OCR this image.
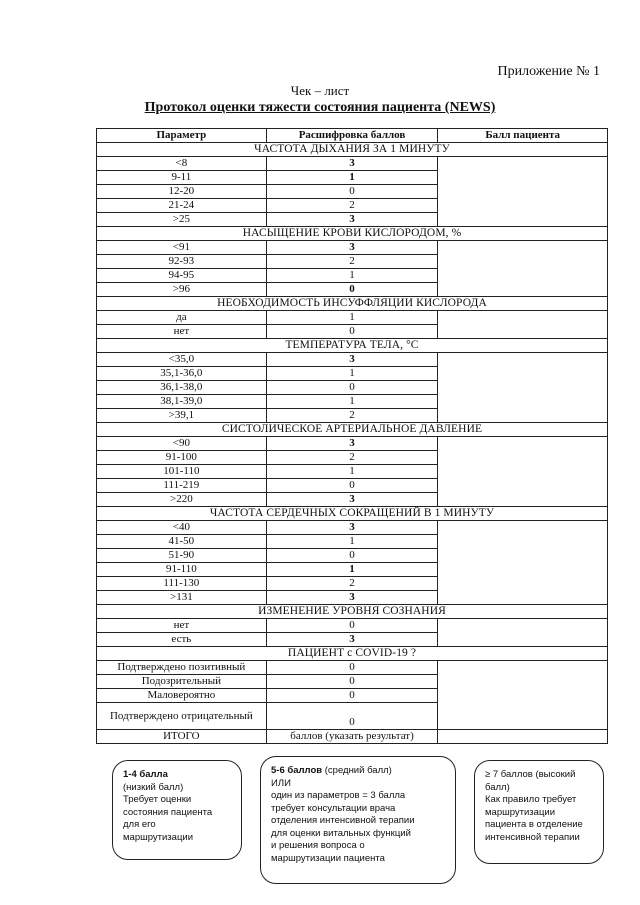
Приложение № 1
Чек – лист
Протокол оценки тяжести состояния пациента (NEWS)
Параметр	Расшифровка баллов	Балл пациента
ЧАСТОТА ДЫХАНИЯ ЗА 1 МИНУТУ		
<8	3	
9-11	1	
12-20	0	
21-24	2	
>25	3	
НАСЫЩЕНИЕ КРОВИ КИСЛОРОДОМ, %		
<91	3	
92-93	2	
94-95	1	
>96	0	
НЕОБХОДИМОСТЬ ИНСУФФЛЯЦИИ КИСЛОРОДА		
да	1	
нет	0	
ТЕМПЕРАТУРА ТЕЛА, °С		
<35,0	3	
35,1-36,0	1	
36,1-38,0	0	
38,1-39,0	1	
>39,1	2	
СИСТОЛИЧЕСКОЕ АРТЕРИАЛЬНОЕ ДАВЛЕНИЕ		
<90	3	
91-100	2	
101-110	1	
111-219	0	
>220	3	
ЧАСТОТА СЕРДЕЧНЫХ СОКРАЩЕНИЙ В 1 МИНУТУ		
<40	3	
41-50	1	
51-90	0	
91-110	1	
111-130	2	
>131	3	
ИЗМЕНЕНИЕ УРОВНЯ СОЗНАНИЯ		
нет	0	
есть	3	
ПАЦИЕНТ с COVID-19 ?		
Подтверждено позитивный	0	
Подозрительный	0	
Маловероятно	0	
Подтверждено отрицательный	0	
ИТОГО	баллов (указать результат)	
1-4 балла
(низкий балл)
Требует оценки
состояния пациента
для его
маршрутизации
5-6 баллов (средний балл)
ИЛИ
один из параметров = 3 балла
требует консультации врача
отделения интенсивной терапии
для оценки витальных функций
и решения вопроса о
маршрутизации пациента
≥ 7 баллов (высокий
балл)
Как правило требует
маршрутизации
пациента в отделение
интенсивной терапии
